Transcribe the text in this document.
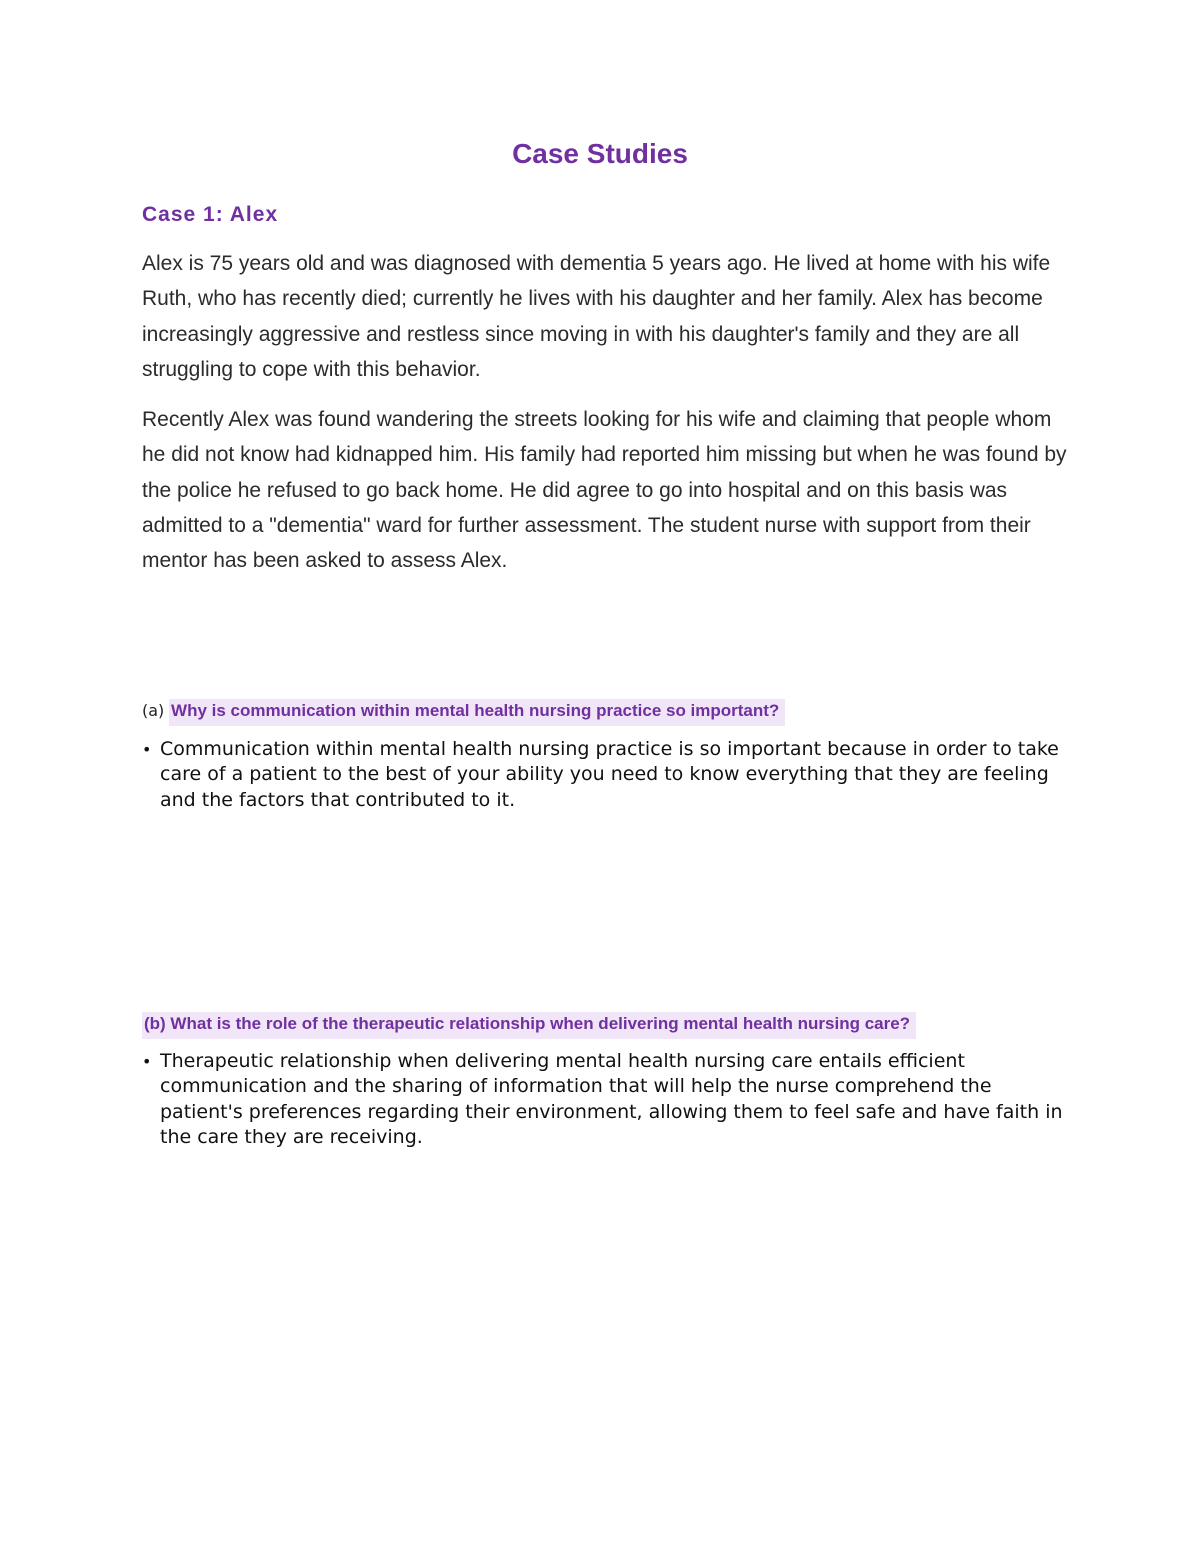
Case Studies
Case 1: Alex

Alex is 75 years old and was diagnosed with dementia 5 years ago. He lived at home with his wife Ruth, who has recently died; currently he lives with his daughter and her family. Alex has become increasingly aggressive and restless since moving in with his daughter's family and they are all struggling to cope with this behavior.

Recently Alex was found wandering the streets looking for his wife and claiming that people whom he did not know had kidnapped him. His family had reported him missing but when he was found by the police he refused to go back home. He did agree to go into hospital and on this basis was admitted to a "dementia" ward for further assessment. The student nurse with support from their mentor has been asked to assess Alex.

(a) Why is communication within mental health nursing practice so important?

• Communication within mental health nursing practice is so important because in order to take care of a patient to the best of your ability you need to know everything that they are feeling and the factors that contributed to it.

(b) What is the role of the therapeutic relationship when delivering mental health nursing care?

• Therapeutic relationship when delivering mental health nursing care entails efficient communication and the sharing of information that will help the nurse comprehend the patient's preferences regarding their environment, allowing them to feel safe and have faith in the care they are receiving.
